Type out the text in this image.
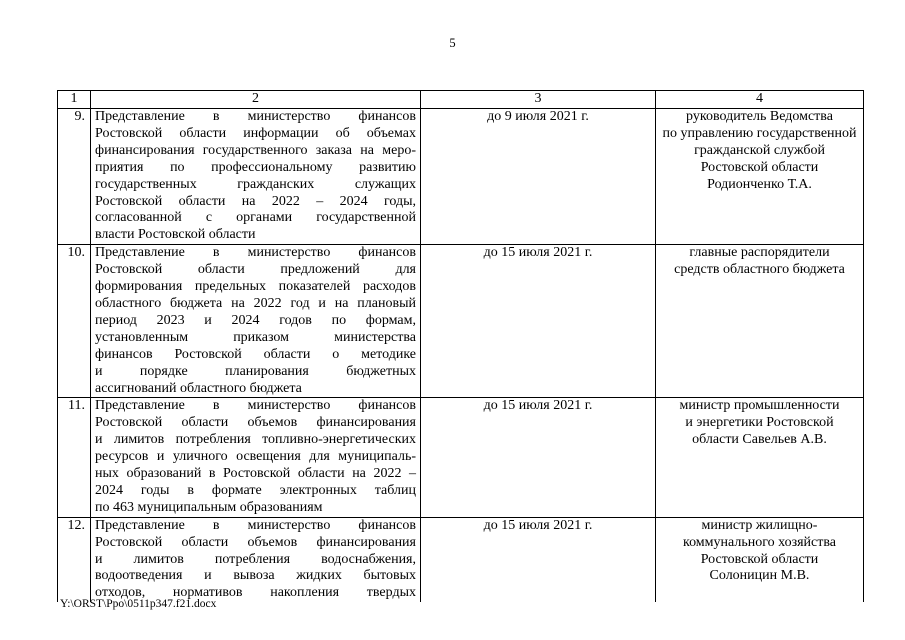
5
1	2	3	4
9.	Представление в министерство финансов
Ростовской области информации об объемах
финансирования государственного заказа на меро-
приятия по профессиональному развитию
государственных гражданских служащих
Ростовской области на 2022 – 2024 годы,
согласованной с органами государственной
власти Ростовской области
	до 9 июля 2021 г.	руководитель Ведомства
по управлению государственной
гражданской службой
Ростовской области
Родионченко Т.А.

10.	Представление в министерство финансов
Ростовской области предложений для
формирования предельных показателей расходов
областного бюджета на 2022 год и на плановый
период 2023 и 2024 годов по формам,
установленным приказом министерства
финансов Ростовской области о методике
и порядке планирования бюджетных
ассигнований областного бюджета
	до 15 июля 2021 г.	главные распорядители
средств областного бюджета

11.	Представление в министерство финансов
Ростовской области объемов финансирования
и лимитов потребления топливно-энергетических
ресурсов и уличного освещения для муниципаль-
ных образований в Ростовской области на 2022 –
2024 годы в формате электронных таблиц
по 463 муниципальным образованиям
	до 15 июля 2021 г.	министр промышленности
и энергетики Ростовской
области Савельев А.В.

12.	Представление в министерство финансов
Ростовской области объемов финансирования
и лимитов потребления водоснабжения,
водоотведения и вывоза жидких бытовых
отходов, нормативов накопления твердых
	до 15 июля 2021 г.	министр жилищно-
коммунального хозяйства
Ростовской области
Солоницин М.В.
Y:\ORST\Ppo\0511p347.f21.docx
